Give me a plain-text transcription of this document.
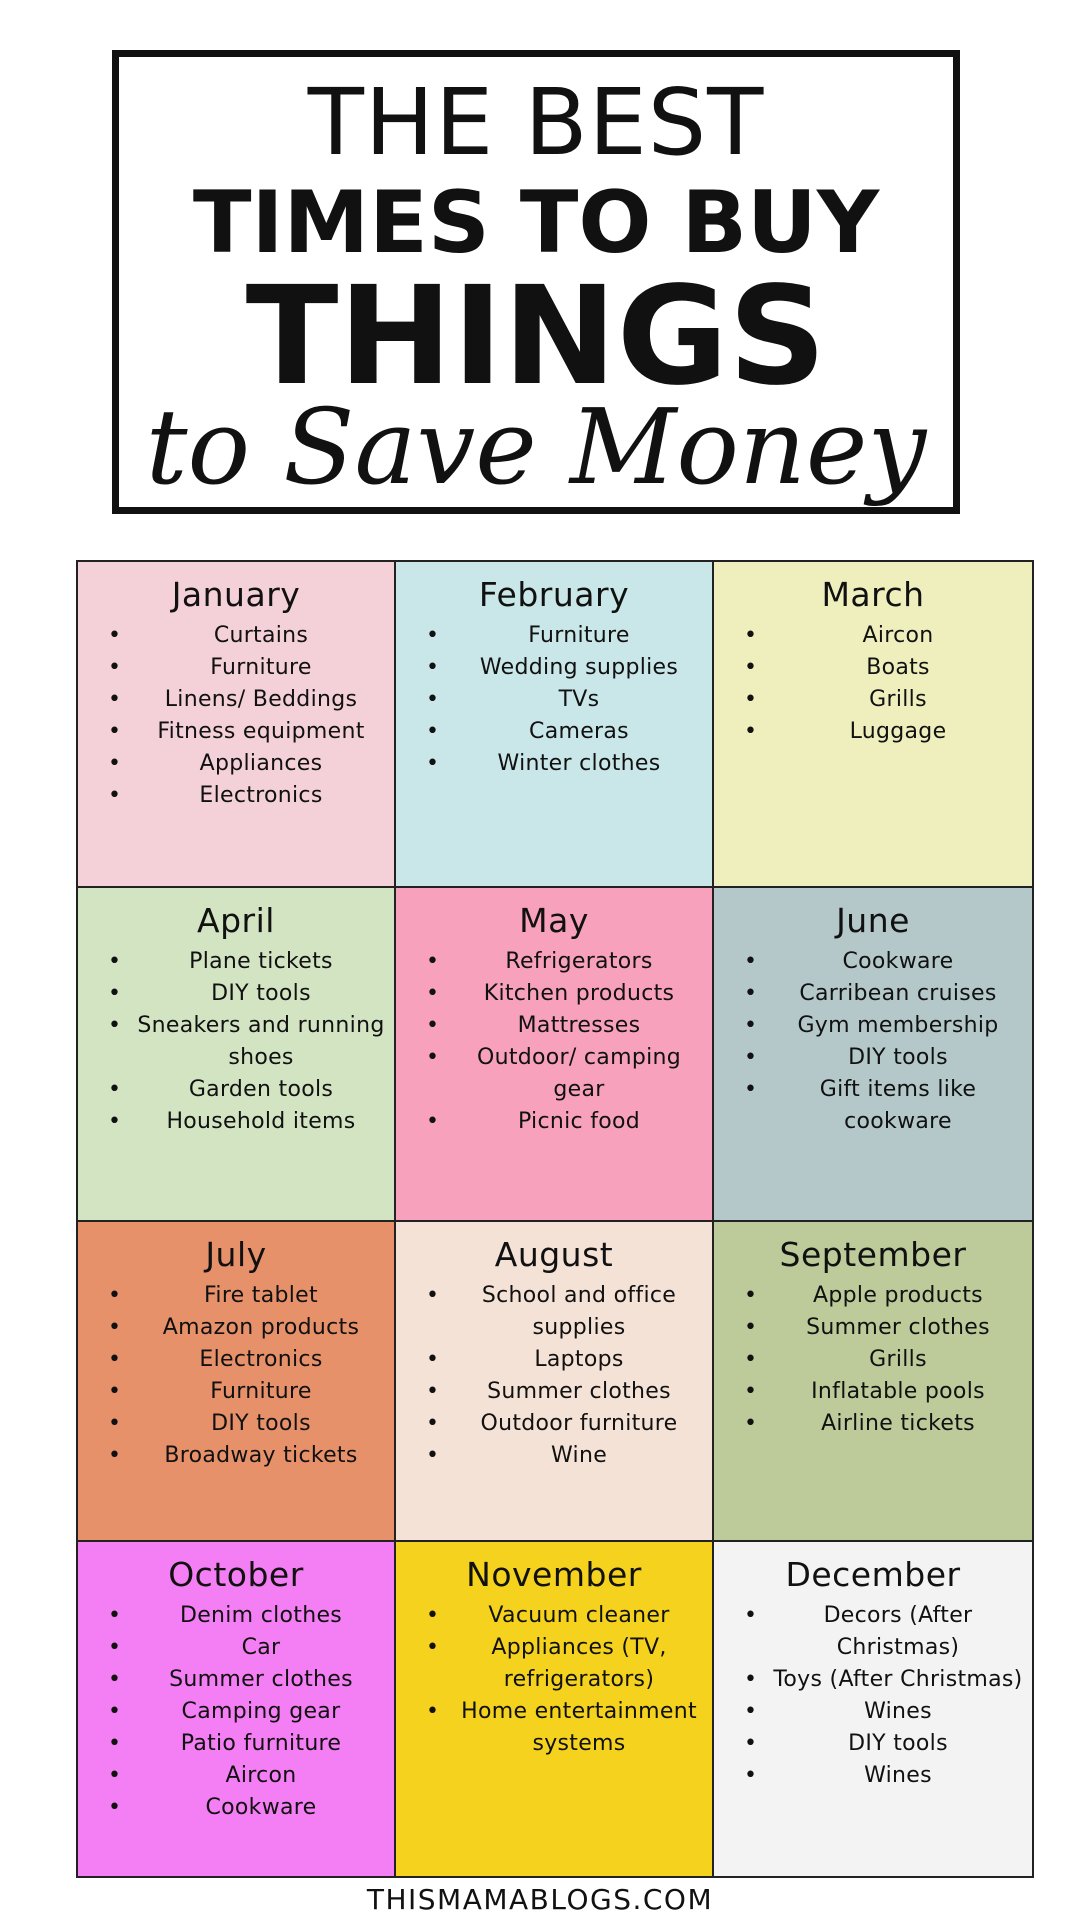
THE BEST
TIMES TO BUY
THINGS
to Save Money
January
• Curtains
• Furniture
• Linens/ Beddings
• Fitness equipment
• Appliances
• Electronics
February
• Furniture
• Wedding supplies
• TVs
• Cameras
• Winter clothes
March
• Aircon
• Boats
• Grills
• Luggage
April
• Plane tickets
• DIY tools
• Sneakers and running shoes
• Garden tools
• Household items
May
• Refrigerators
• Kitchen products
• Mattresses
• Outdoor/ camping gear
• Picnic food
June
• Cookware
• Carribean cruises
• Gym membership
• DIY tools
• Gift items like cookware
July
• Fire tablet
• Amazon products
• Electronics
• Furniture
• DIY tools
• Broadway tickets
August
• School and office supplies
• Laptops
• Summer clothes
• Outdoor furniture
• Wine
September
• Apple products
• Summer clothes
• Grills
• Inflatable pools
• Airline tickets
October
• Denim clothes
• Car
• Summer clothes
• Camping gear
• Patio furniture
• Aircon
• Cookware
November
• Vacuum cleaner
• Appliances (TV, refrigerators)
• Home entertainment systems
December
• Decors (After Christmas)
• Toys (After Christmas)
• Wines
• DIY tools
• Wines
THISMAMABLOGS.COM
